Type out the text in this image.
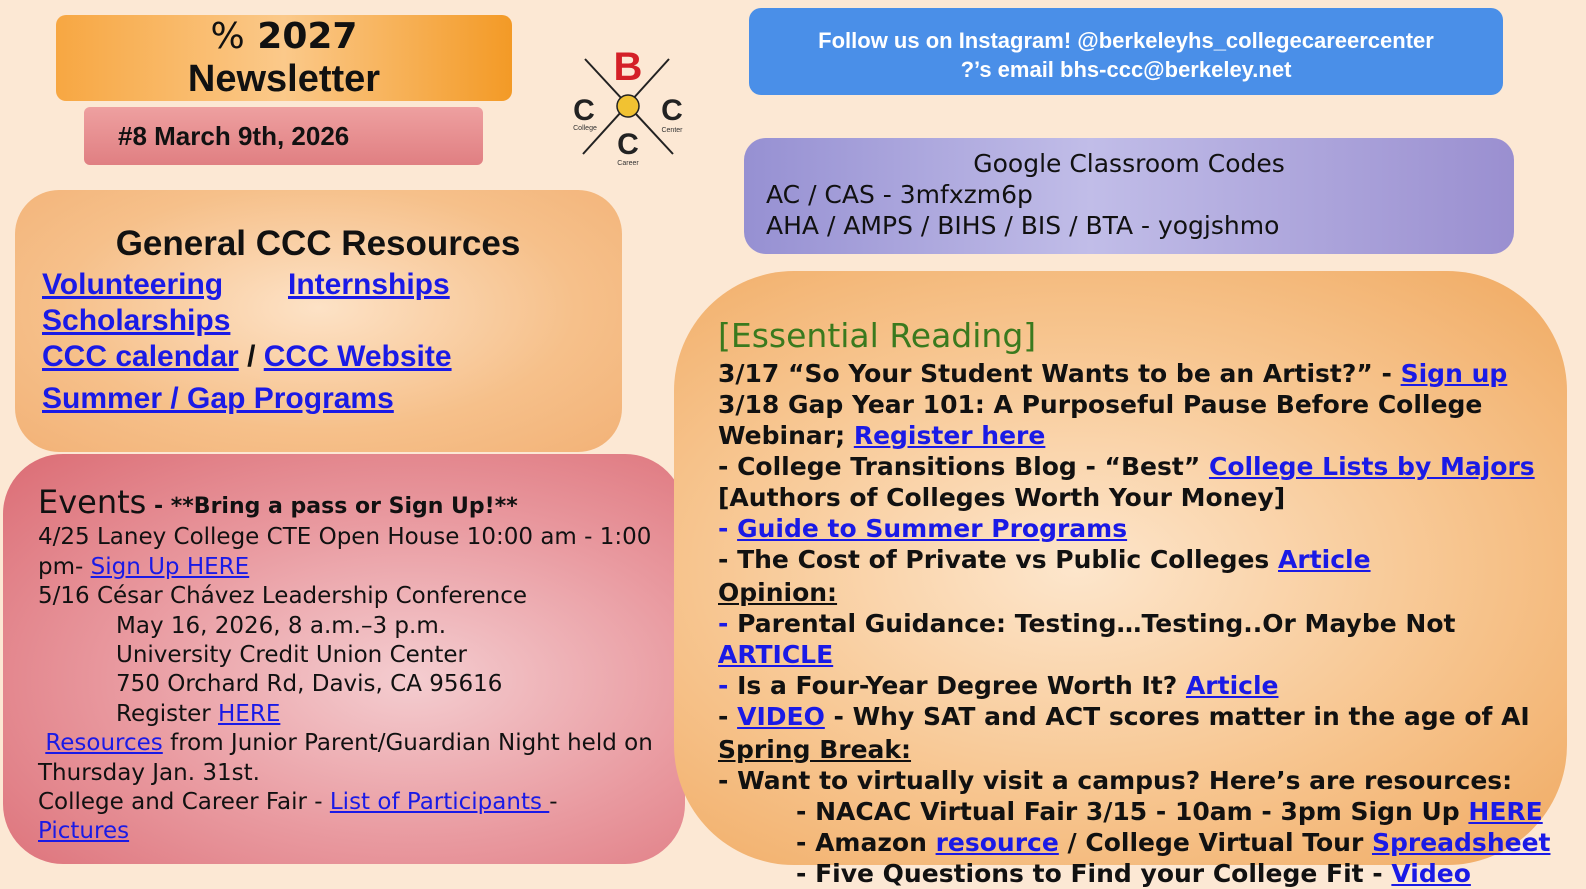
% 2027
Newsletter
#8 March 9th, 2026
B
C C
C
College	Center
Career
Follow us on Instagram! @berkeleyhs_collegecareercenter
?’s email bhs-ccc@berkeley.net
Google Classroom Codes
AC / CAS - 3mfxzm6p
AHA / AMPS / BIHS / BIS / BTA - yogjshmo
General CCC Resources
Volunteering Internships
Scholarships
CCC calendar / CCC Website
Summer / Gap Programs
Events - **Bring a pass or Sign Up!**
4/25 Laney College CTE Open House 10:00 am - 1:00 pm- Sign Up HERE
5/16 César Chávez Leadership Conference
May 16, 2026, 8 a.m.–3 p.m.
University Credit Union Center
750 Orchard Rd, Davis, CA 95616
Register HERE
Resources from Junior Parent/Guardian Night held on Thursday Jan. 31st.
College and Career Fair - List of Participants -
Pictures
[Essential Reading]
3/17 “So Your Student Wants to be an Artist?” - Sign up
3/18 Gap Year 101: A Purposeful Pause Before College Webinar; Register here
- College Transitions Blog - “Best” College Lists by Majors
[Authors of Colleges Worth Your Money]
- Guide to Summer Programs
- The Cost of Private vs Public Colleges Article
Opinion:
- Parental Guidance: Testing…Testing..Or Maybe Not ARTICLE
- Is a Four-Year Degree Worth It? Article
- VIDEO - Why SAT and ACT scores matter in the age of AI
Spring Break:
- Want to virtually visit a campus? Here’s are resources:
- NACAC Virtual Fair 3/15 - 10am - 3pm Sign Up HERE
- Amazon resource / College Virtual Tour Spreadsheet
- Five Questions to Find your College Fit - Video
